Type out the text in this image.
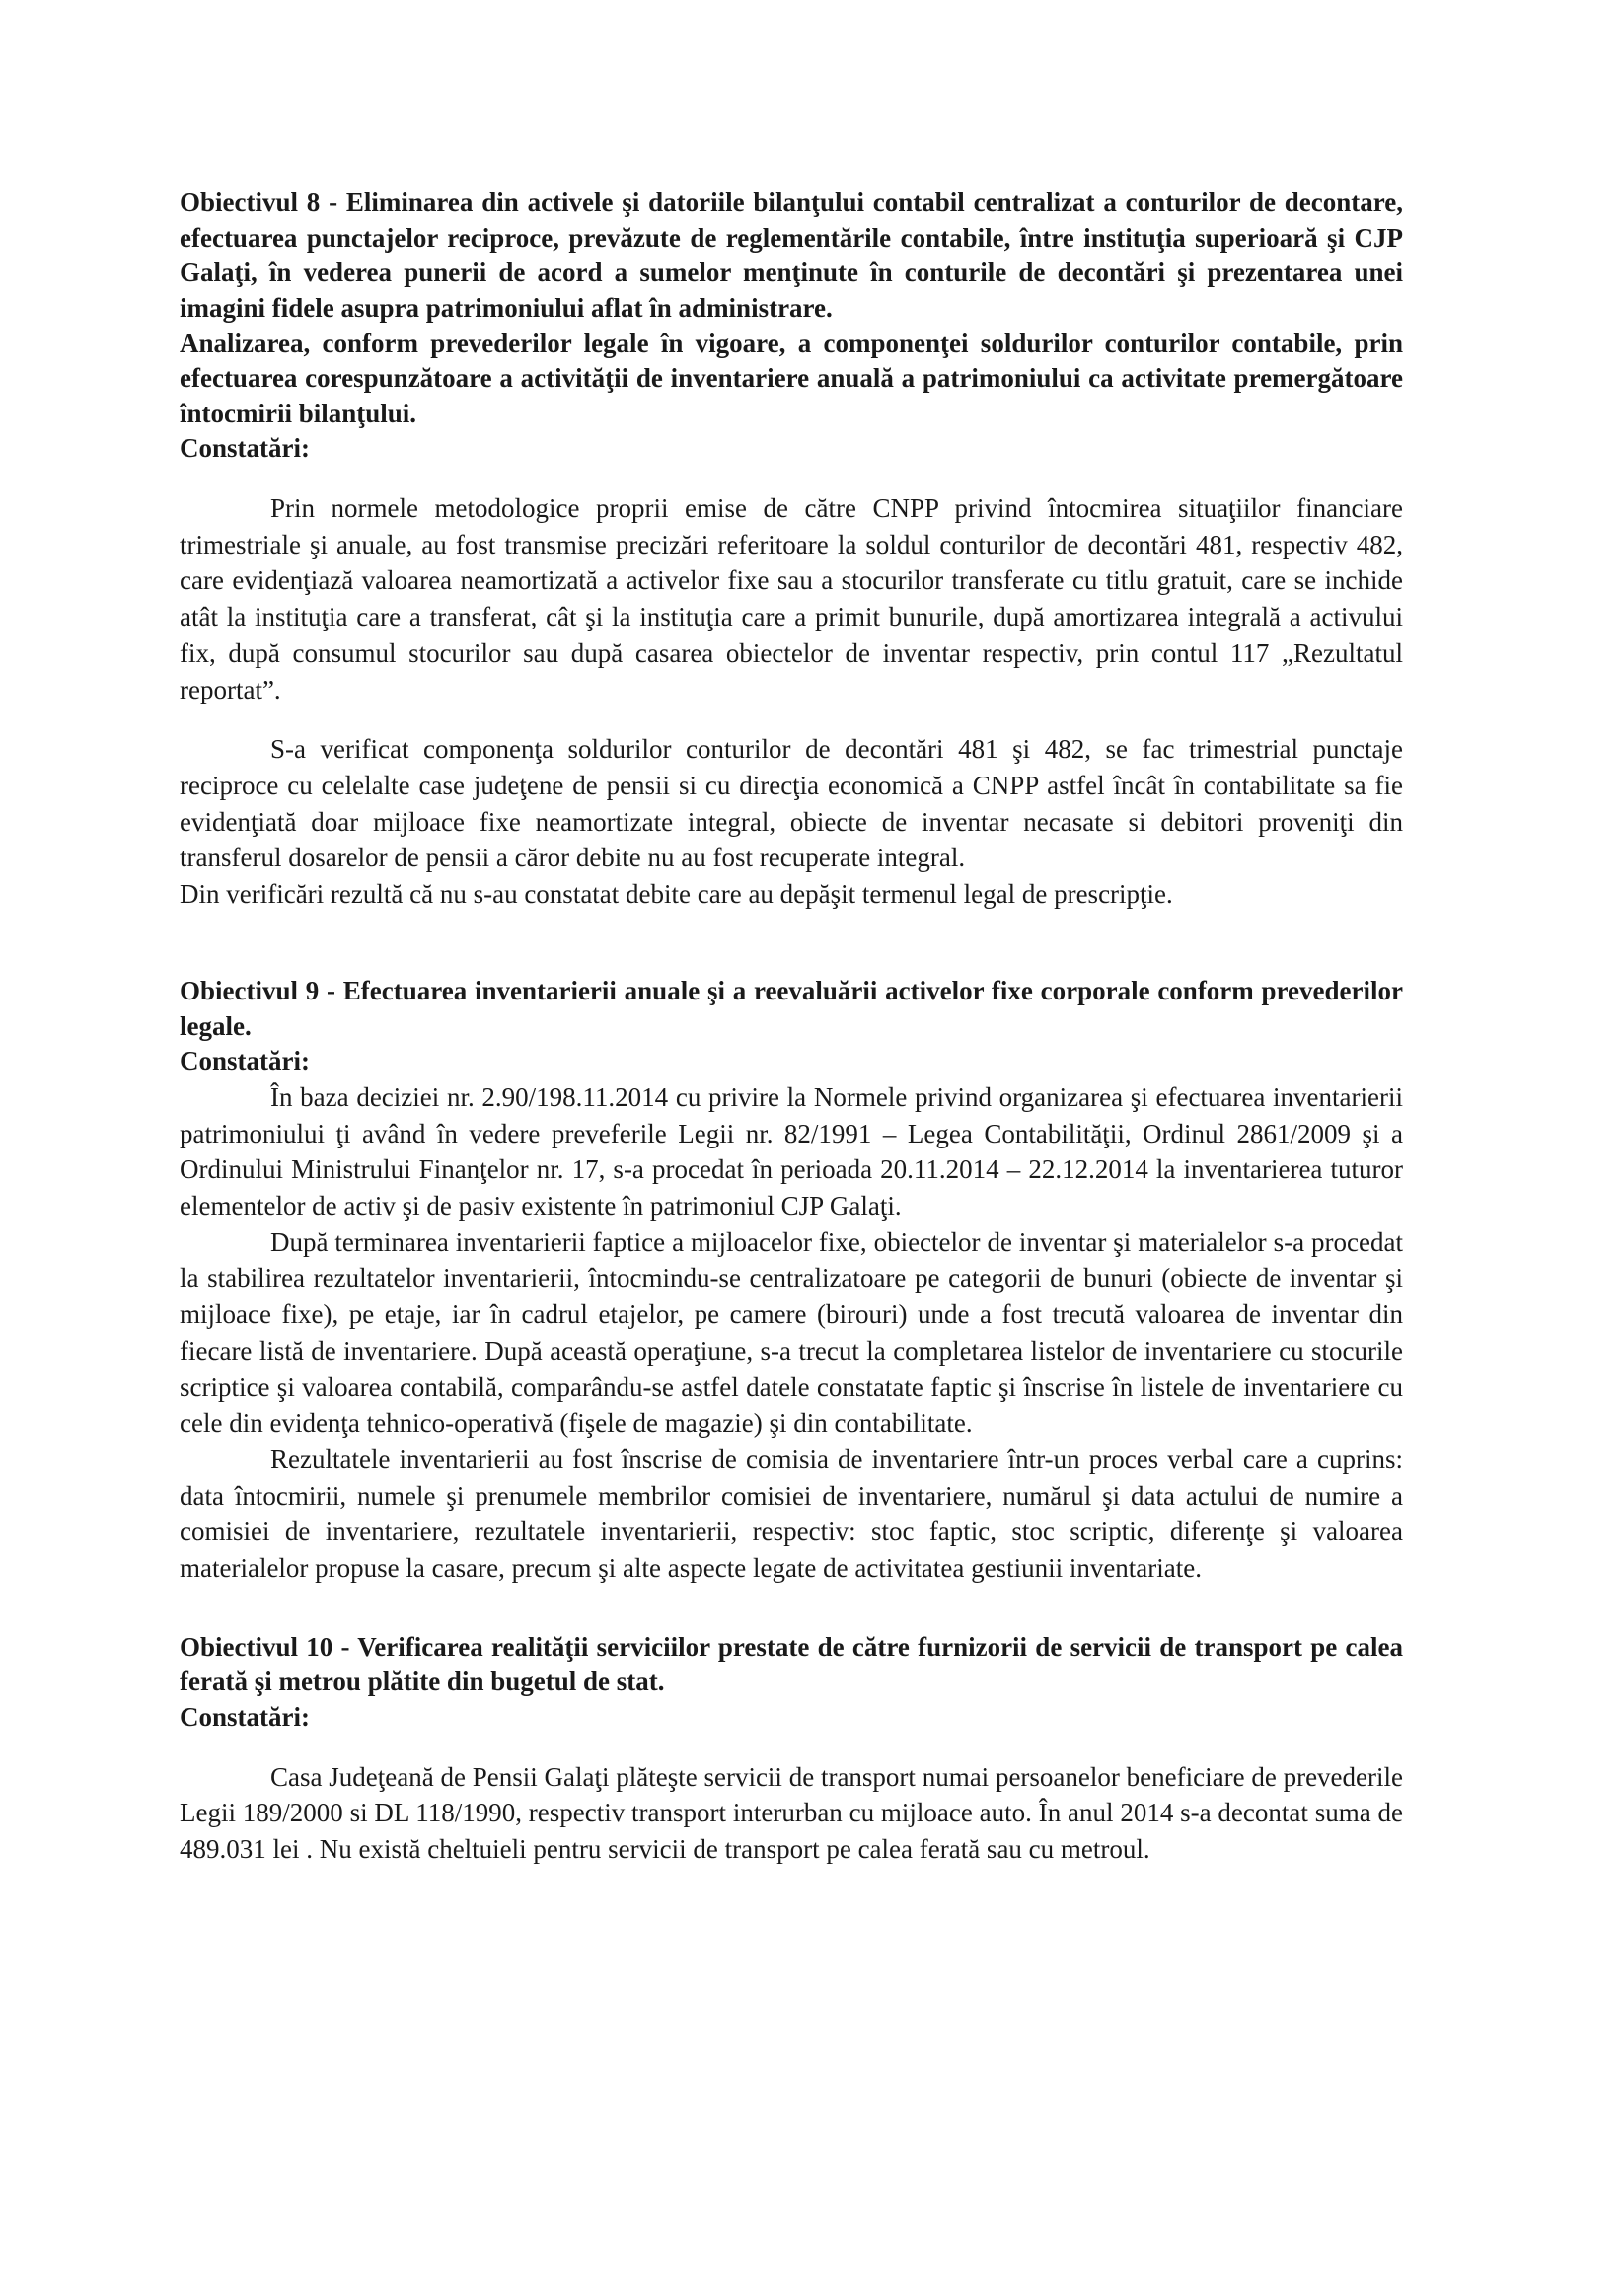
Obiectivul 8 - Eliminarea din activele şi datoriile bilanţului contabil centralizat a conturilor de decontare, efectuarea punctajelor reciproce, prevăzute de reglementările contabile, între instituţia superioară şi CJP Galaţi, în vederea punerii de acord a sumelor menţinute în conturile de decontări şi prezentarea unei imagini fidele asupra patrimoniului aflat în administrare.

Analizarea, conform prevederilor legale în vigoare, a componenţei soldurilor conturilor contabile, prin efectuarea corespunzătoare a activităţii de inventariere anuală a patrimoniului ca activitate premergătoare întocmirii bilanţului.

Constatări:

Prin normele metodologice proprii emise de către CNPP privind întocmirea situaţiilor financiare trimestriale şi anuale, au fost transmise precizări referitoare la soldul conturilor de decontări 481, respectiv 482, care evidenţiază valoarea neamortizată a activelor fixe sau a stocurilor transferate cu titlu gratuit, care se inchide atât la instituţia care a transferat, cât şi la instituţia care a primit bunurile, după amortizarea integrală a activului fix, după consumul stocurilor sau după casarea obiectelor de inventar respectiv, prin contul 117 „Rezultatul reportat”.

S-a verificat componenţa soldurilor conturilor de decontări 481 şi 482, se fac trimestrial punctaje reciproce cu celelalte case judeţene de pensii si cu direcţia economică a CNPP astfel încât în contabilitate sa fie evidenţiată doar mijloace fixe neamortizate integral, obiecte de inventar necasate si debitori proveniţi din transferul dosarelor de pensii a căror debite nu au fost recuperate integral.

Din verificări rezultă că nu s-au constatat debite care au depăşit termenul legal de prescripţie.

Obiectivul 9 - Efectuarea inventarierii anuale şi a reevaluării activelor fixe corporale conform prevederilor legale.

Constatări:

În baza deciziei nr. 2.90/198.11.2014 cu privire la Normele privind organizarea şi efectuarea inventarierii patrimoniului ţi având în vedere preveferile Legii nr. 82/1991 – Legea Contabilităţii, Ordinul 2861/2009 şi a Ordinului Ministrului Finanţelor nr. 17, s-a procedat în perioada 20.11.2014 – 22.12.2014 la inventarierea tuturor elementelor de activ şi de pasiv existente în patrimoniul CJP Galaţi.

După terminarea inventarierii faptice a mijloacelor fixe, obiectelor de inventar şi materialelor s-a procedat la stabilirea rezultatelor inventarierii, întocmindu-se centralizatoare pe categorii de bunuri (obiecte de inventar şi mijloace fixe), pe etaje, iar în cadrul etajelor, pe camere (birouri) unde a fost trecută valoarea de inventar din fiecare listă de inventariere. După această operaţiune, s-a trecut la completarea listelor de inventariere cu stocurile scriptice şi valoarea contabilă, comparându-se astfel datele constatate faptic şi înscrise în listele de inventariere cu cele din evidenţa tehnico-operativă (fişele de magazie) şi din contabilitate.

Rezultatele inventarierii au fost înscrise de comisia de inventariere într-un proces verbal care a cuprins: data întocmirii, numele şi prenumele membrilor comisiei de inventariere, numărul şi data actului de numire a comisiei de inventariere, rezultatele inventarierii, respectiv: stoc faptic, stoc scriptic, diferenţe şi valoarea materialelor propuse la casare, precum şi alte aspecte legate de activitatea gestiunii inventariate.

Obiectivul 10 - Verificarea realităţii serviciilor prestate de către furnizorii de servicii de transport pe calea ferată şi metrou plătite din bugetul de stat.

Constatări:

Casa Judeţeană de Pensii Galaţi plăteşte servicii de transport numai persoanelor beneficiare de prevederile Legii 189/2000 si DL 118/1990, respectiv transport interurban cu mijloace auto. În anul 2014 s-a decontat suma de 489.031 lei . Nu există cheltuieli pentru servicii de transport pe calea ferată sau cu metroul.
